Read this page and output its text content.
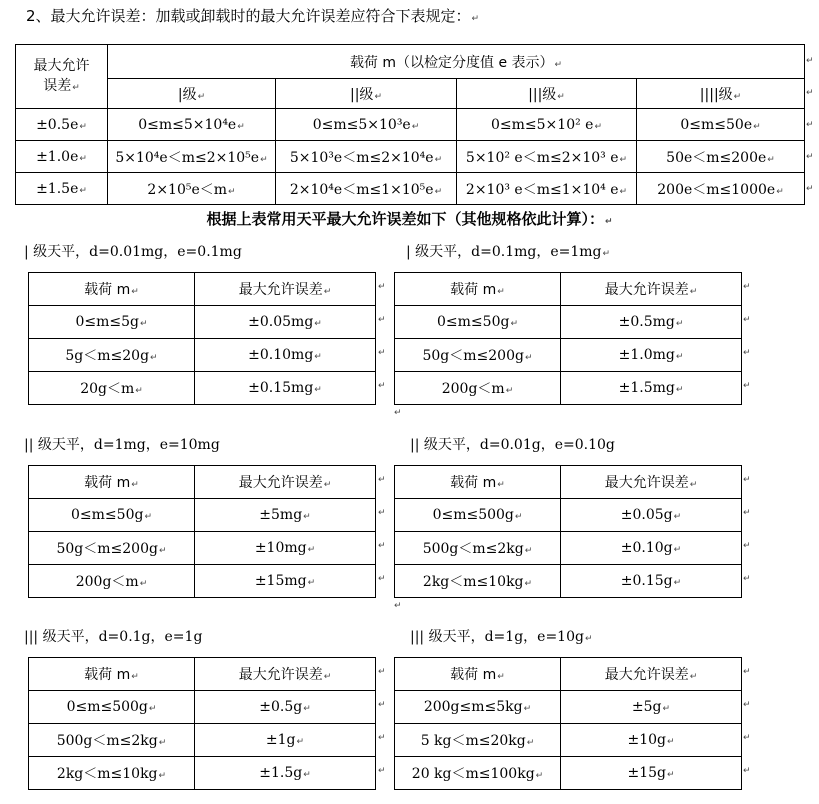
2、最大允许误差：加载或卸载时的最大允许误差应符合下表规定：↵
最大允许
误差↵	载荷 m（以检定分度值 e 表示）↵			
	|级↵	||级↵	|||级↵	||||级↵
±0.5e↵	0≤m≤5×10⁴e↵	0≤m≤5×10³e↵	0≤m≤5×10² e↵	0≤m≤50e↵
±1.0e↵	5×10⁴e＜m≤2×10⁵e↵	5×10³e＜m≤2×10⁴e↵	5×10² e＜m≤2×10³ e↵	50e＜m≤200e↵
±1.5e↵	2×10⁵e＜m↵	2×10⁴e＜m≤1×10⁵e↵	2×10³ e＜m≤1×10⁴ e↵	200e＜m≤1000e↵
根据上表常用天平最大允许误差如下（其他规格依此计算）：↵
| 级天平，d=0.01mg，e=0.1mg	| 级天平，d=0.1mg，e=1mg↵
载荷 m↵	最大允许误差↵
0≤m≤5g↵	±0.05mg↵
5g＜m≤20g↵	±0.10mg↵
20g＜m↵	±0.15mg↵
载荷 m↵	最大允许误差↵
0≤m≤50g↵	±0.5mg↵
50g＜m≤200g↵	±1.0mg↵
200g＜m↵	±1.5mg↵
|| 级天平，d=1mg，e=10mg	|| 级天平，d=0.01g，e=0.10g
载荷 m↵	最大允许误差↵
0≤m≤50g↵	±5mg↵
50g＜m≤200g↵	±10mg↵
200g＜m↵	±15mg↵
载荷 m↵	最大允许误差↵
0≤m≤500g↵	±0.05g↵
500g＜m≤2kg↵	±0.10g↵
2kg＜m≤10kg↵	±0.15g↵
||| 级天平，d=0.1g，e=1g	||| 级天平，d=1g，e=10g↵
载荷 m↵	最大允许误差↵
0≤m≤500g↵	±0.5g↵
500g＜m≤2kg↵	±1g↵
2kg＜m≤10kg↵	±1.5g↵
载荷 m↵	最大允许误差↵
200g≤m≤5kg↵	±5g↵
5 kg＜m≤20kg↵	±10g↵
20 kg＜m≤100kg↵	±15g↵
↵
↵
↵
↵
↵
↵
↵
↵
↵
↵
↵
↵
↵
↵
↵
↵
↵
↵
↵
↵
↵
↵
↵
↵
↵
↵
↵
↵
↵
↵
↵
